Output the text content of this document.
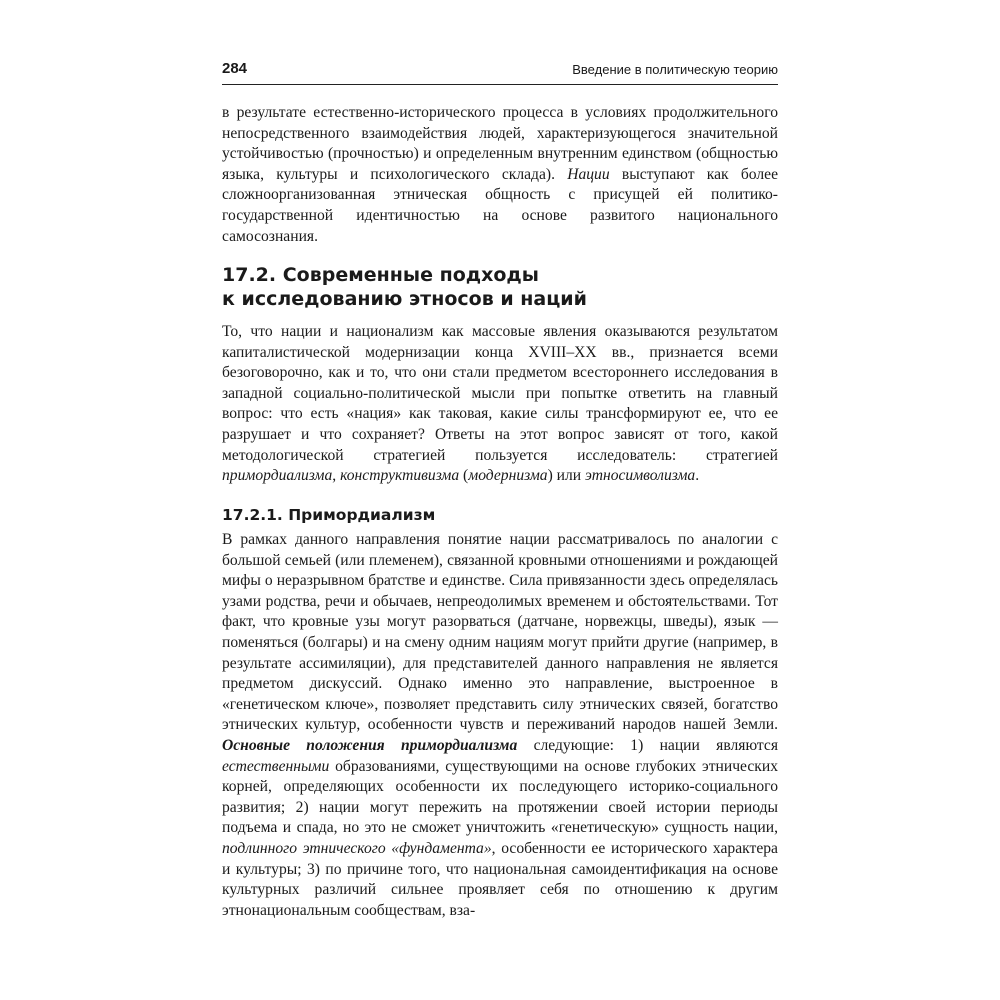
284	Введение в политическую теорию

в результате естественно-исторического процесса в условиях продолжительного непосредственного взаимодействия людей, характеризующегося значительной устойчивостью (прочностью) и определенным внутренним единством (общностью языка, культуры и психологического склада). Нации выступают как более сложноорганизованная этническая общность с присущей ей политико-государственной идентичностью на основе развитого национального самосознания.

17.2. Современные подходы
к исследованию этносов и наций

То, что нации и национализм как массовые явления оказываются результатом капиталистической модернизации конца XVIII–XX вв., признается всеми безоговорочно, как и то, что они стали предметом всестороннего исследования в западной социально-политической мысли при попытке ответить на главный вопрос: что есть «нация» как таковая, какие силы трансформируют ее, что ее разрушает и что сохраняет? Ответы на этот вопрос зависят от того, какой методологической стратегией пользуется исследователь: стратегией примордиализма, конструктивизма (модернизма) или этносимволизма.

17.2.1. Примордиализм

В рамках данного направления понятие нации рассматривалось по аналогии с большой семьей (или племенем), связанной кровными отношениями и рождающей мифы о неразрывном братстве и единстве. Сила привязанности здесь определялась узами родства, речи и обычаев, непреодолимых временем и обстоятельствами. Тот факт, что кровные узы могут разорваться (датчане, норвежцы, шведы), язык — поменяться (болгары) и на смену одним нациям могут прийти другие (например, в результате ассимиляции), для представителей данного направления не является предметом дискуссий. Однако именно это направление, выстроенное в «генетическом ключе», позволяет представить силу этнических связей, богатство этнических культур, особенности чувств и переживаний народов нашей Земли. Основные положения примордиализма следующие: 1) нации являются естественными образованиями, существующими на основе глубоких этнических корней, определяющих особенности их последующего историко-социального развития; 2) нации могут пережить на протяжении своей истории периоды подъема и спада, но это не сможет уничтожить «генетическую» сущность нации, подлинного этнического «фундамента», особенности ее исторического характера и культуры; 3) по причине того, что национальная самоидентификация на основе культурных различий сильнее проявляет себя по отношению к другим этнонациональным сообществам, вза-
